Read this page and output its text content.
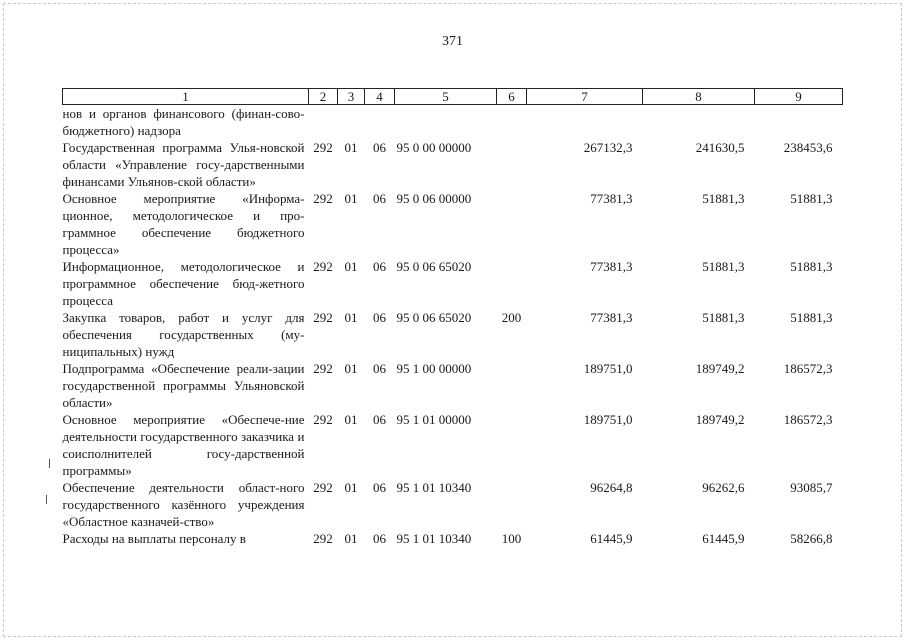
371
1	2	3	4	5	6	7	8	9
нов и органов финансового (финан-сово-бюджетного) надзора								
Государственная программа Улья-новской области «Управление госу-дарственными финансами Ульянов-ской области»	292	01	06	95 0 00 00000		267132,3	241630,5	238453,6
Основное мероприятие «Информа-ционное, методологическое и про-граммное обеспечение бюджетного процесса»	292	01	06	95 0 06 00000		77381,3	51881,3	51881,3
Информационное, методологическое и программное обеспечение бюд-жетного процесса	292	01	06	95 0 06 65020		77381,3	51881,3	51881,3
Закупка товаров, работ и услуг для обеспечения государственных (му-ниципальных) нужд	292	01	06	95 0 06 65020	200	77381,3	51881,3	51881,3
Подпрограмма «Обеспечение реали-зации государственной программы Ульяновской области»	292	01	06	95 1 00 00000		189751,0	189749,2	186572,3
Основное мероприятие «Обеспече-ние деятельности государственного заказчика и соисполнителей госу-дарственной программы»	292	01	06	95 1 01 00000		189751,0	189749,2	186572,3
Обеспечение деятельности област-ного государственного казённого учреждения «Областное казначей-ство»	292	01	06	95 1 01 10340		96264,8	96262,6	93085,7
Расходы на выплаты персоналу в	292	01	06	95 1 01 10340	100	61445,9	61445,9	58266,8
